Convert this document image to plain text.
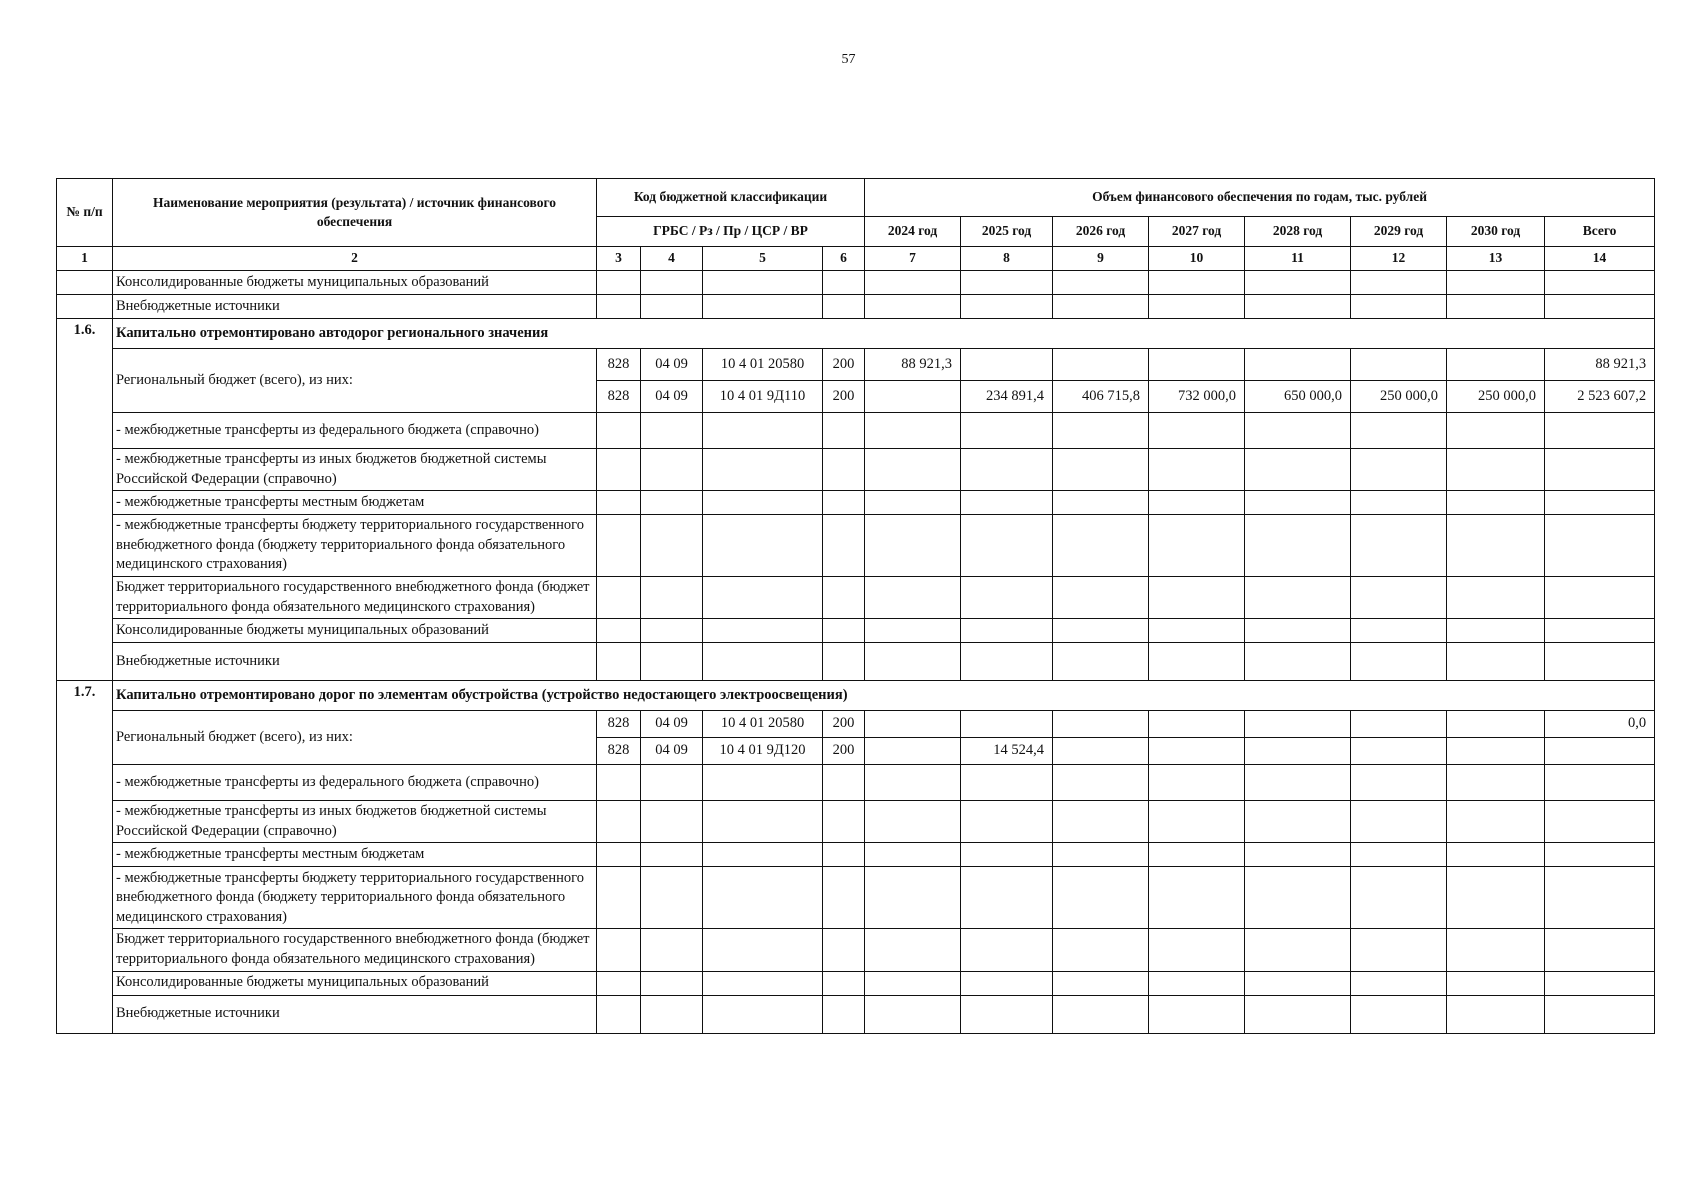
57
№ п/п	Наименование мероприятия (результата) / источник финансового обеспечения	Код бюджетной классификации				Объем финансового обеспечения по годам, тыс. рублей							
		ГРБС / Рз / Пр / ЦСР / ВР				2024 год	2025 год	2026 год	2027 год	2028 год	2029 год	2030 год	Всего
1	2	3	4	5	6	7	8	9	10	11	12	13	14
	Консолидированные бюджеты муниципальных образований												
	Внебюджетные источники												
1.6.	Капитально отремонтировано автодорог регионального значения												
	Региональный бюджет (всего), из них:	828	04 09	10 4 01 20580	200	88 921,3							88 921,3
		828	04 09	10 4 01 9Д110	200		234 891,4	406 715,8	732 000,0	650 000,0	250 000,0	250 000,0	2 523 607,2
	- межбюджетные трансферты из федерального бюджета (справочно)												
	- межбюджетные трансферты из иных бюджетов бюджетной системы Российской Федерации (справочно)												
	- межбюджетные трансферты местным бюджетам												
	- межбюджетные трансферты бюджету территориального государственного внебюджетного фонда (бюджету территориального фонда обязательного медицинского страхования)												
	Бюджет территориального государственного внебюджетного фонда (бюджет территориального фонда обязательного медицинского страхования)												
	Консолидированные бюджеты муниципальных образований												
	Внебюджетные источники												
1.7.	Капитально отремонтировано дорог по элементам обустройства (устройство недостающего электроосвещения)												
	Региональный бюджет (всего), из них:	828	04 09	10 4 01 20580	200								0,0
		828	04 09	10 4 01 9Д120	200		14 524,4						
	- межбюджетные трансферты из федерального бюджета (справочно)												
	- межбюджетные трансферты из иных бюджетов бюджетной системы Российской Федерации (справочно)												
	- межбюджетные трансферты местным бюджетам												
	- межбюджетные трансферты бюджету территориального государственного внебюджетного фонда (бюджету территориального фонда обязательного медицинского страхования)												
	Бюджет территориального государственного внебюджетного фонда (бюджет территориального фонда обязательного медицинского страхования)												
	Консолидированные бюджеты муниципальных образований												
	Внебюджетные источники												
